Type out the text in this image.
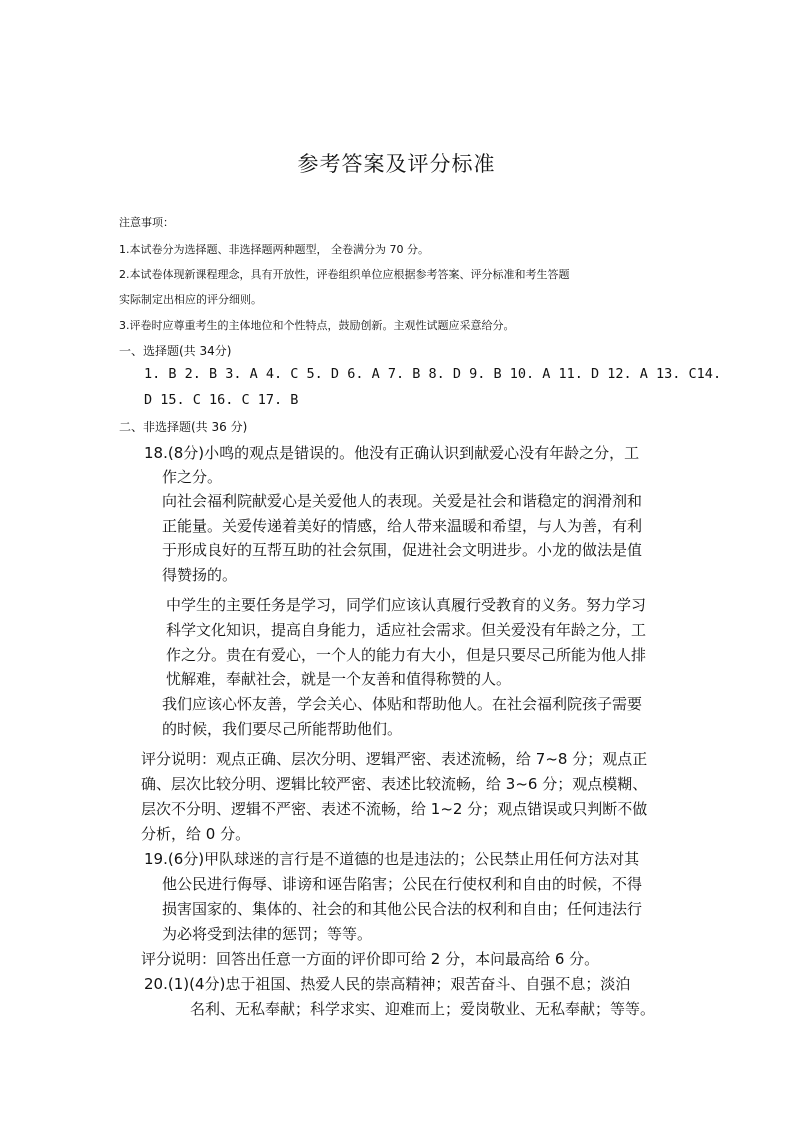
参考答案及评分标准
注意事项：
1.本试卷分为选择题、非选择题两种题型， 全卷满分为 70 分。
2.本试卷体现新课程理念，具有开放性，评卷组织单位应根据参考答案、评分标准和考生答题
实际制定出相应的评分细则。
3.评卷时应尊重考生的主体地位和个性特点，鼓励创新。主观性试题应采意给分。
一、选择题(共 34分)
1. B 2. B 3. A 4. C 5. D 6. A 7. B 8. D 9. B 10. A 11. D 12. A 13. C14.
D 15. C 16. C 17. B
二、非选择题(共 36 分)
18.(8分)小鸣的观点是错误的。他没有正确认识到献爱心没有年龄之分，工
作之分。
向社会福利院献爱心是关爱他人的表现。关爱是社会和谐稳定的润滑剂和
正能量。关爱传递着美好的情感，给人带来温暖和希望，与人为善，有利
于形成良好的互帮互助的社会氛围，促进社会文明进步。小龙的做法是值
得赞扬的。
中学生的主要任务是学习，同学们应该认真履行受教育的义务。努力学习
科学文化知识，提高自身能力，适应社会需求。但关爱没有年龄之分，工
作之分。贵在有爱心，一个人的能力有大小，但是只要尽己所能为他人排
忧解难，奉献社会，就是一个友善和值得称赞的人。
我们应该心怀友善，学会关心、体贴和帮助他人。在社会福利院孩子需要
的时候，我们要尽己所能帮助他们。
评分说明：观点正确、层次分明、逻辑严密、表述流畅，给 7~8 分；观点正
确、层次比较分明、逻辑比较严密、表述比较流畅，给 3~6 分；观点模糊、
层次不分明、逻辑不严密、表述不流畅，给 1~2 分；观点错误或只判断不做
分析，给 0 分。
19.(6分)甲队球迷的言行是不道德的也是违法的；公民禁止用任何方法对其
他公民进行侮辱、诽谤和诬告陷害；公民在行使权利和自由的时候，不得
损害国家的、集体的、社会的和其他公民合法的权利和自由；任何违法行
为必将受到法律的惩罚；等等。
评分说明：回答出任意一方面的评价即可给 2 分，本问最高给 6 分。
20.(1)(4分)忠于祖国、热爱人民的崇高精神；艰苦奋斗、自强不息；淡泊
名利、无私奉献；科学求实、迎难而上；爱岗敬业、无私奉献；等等。
